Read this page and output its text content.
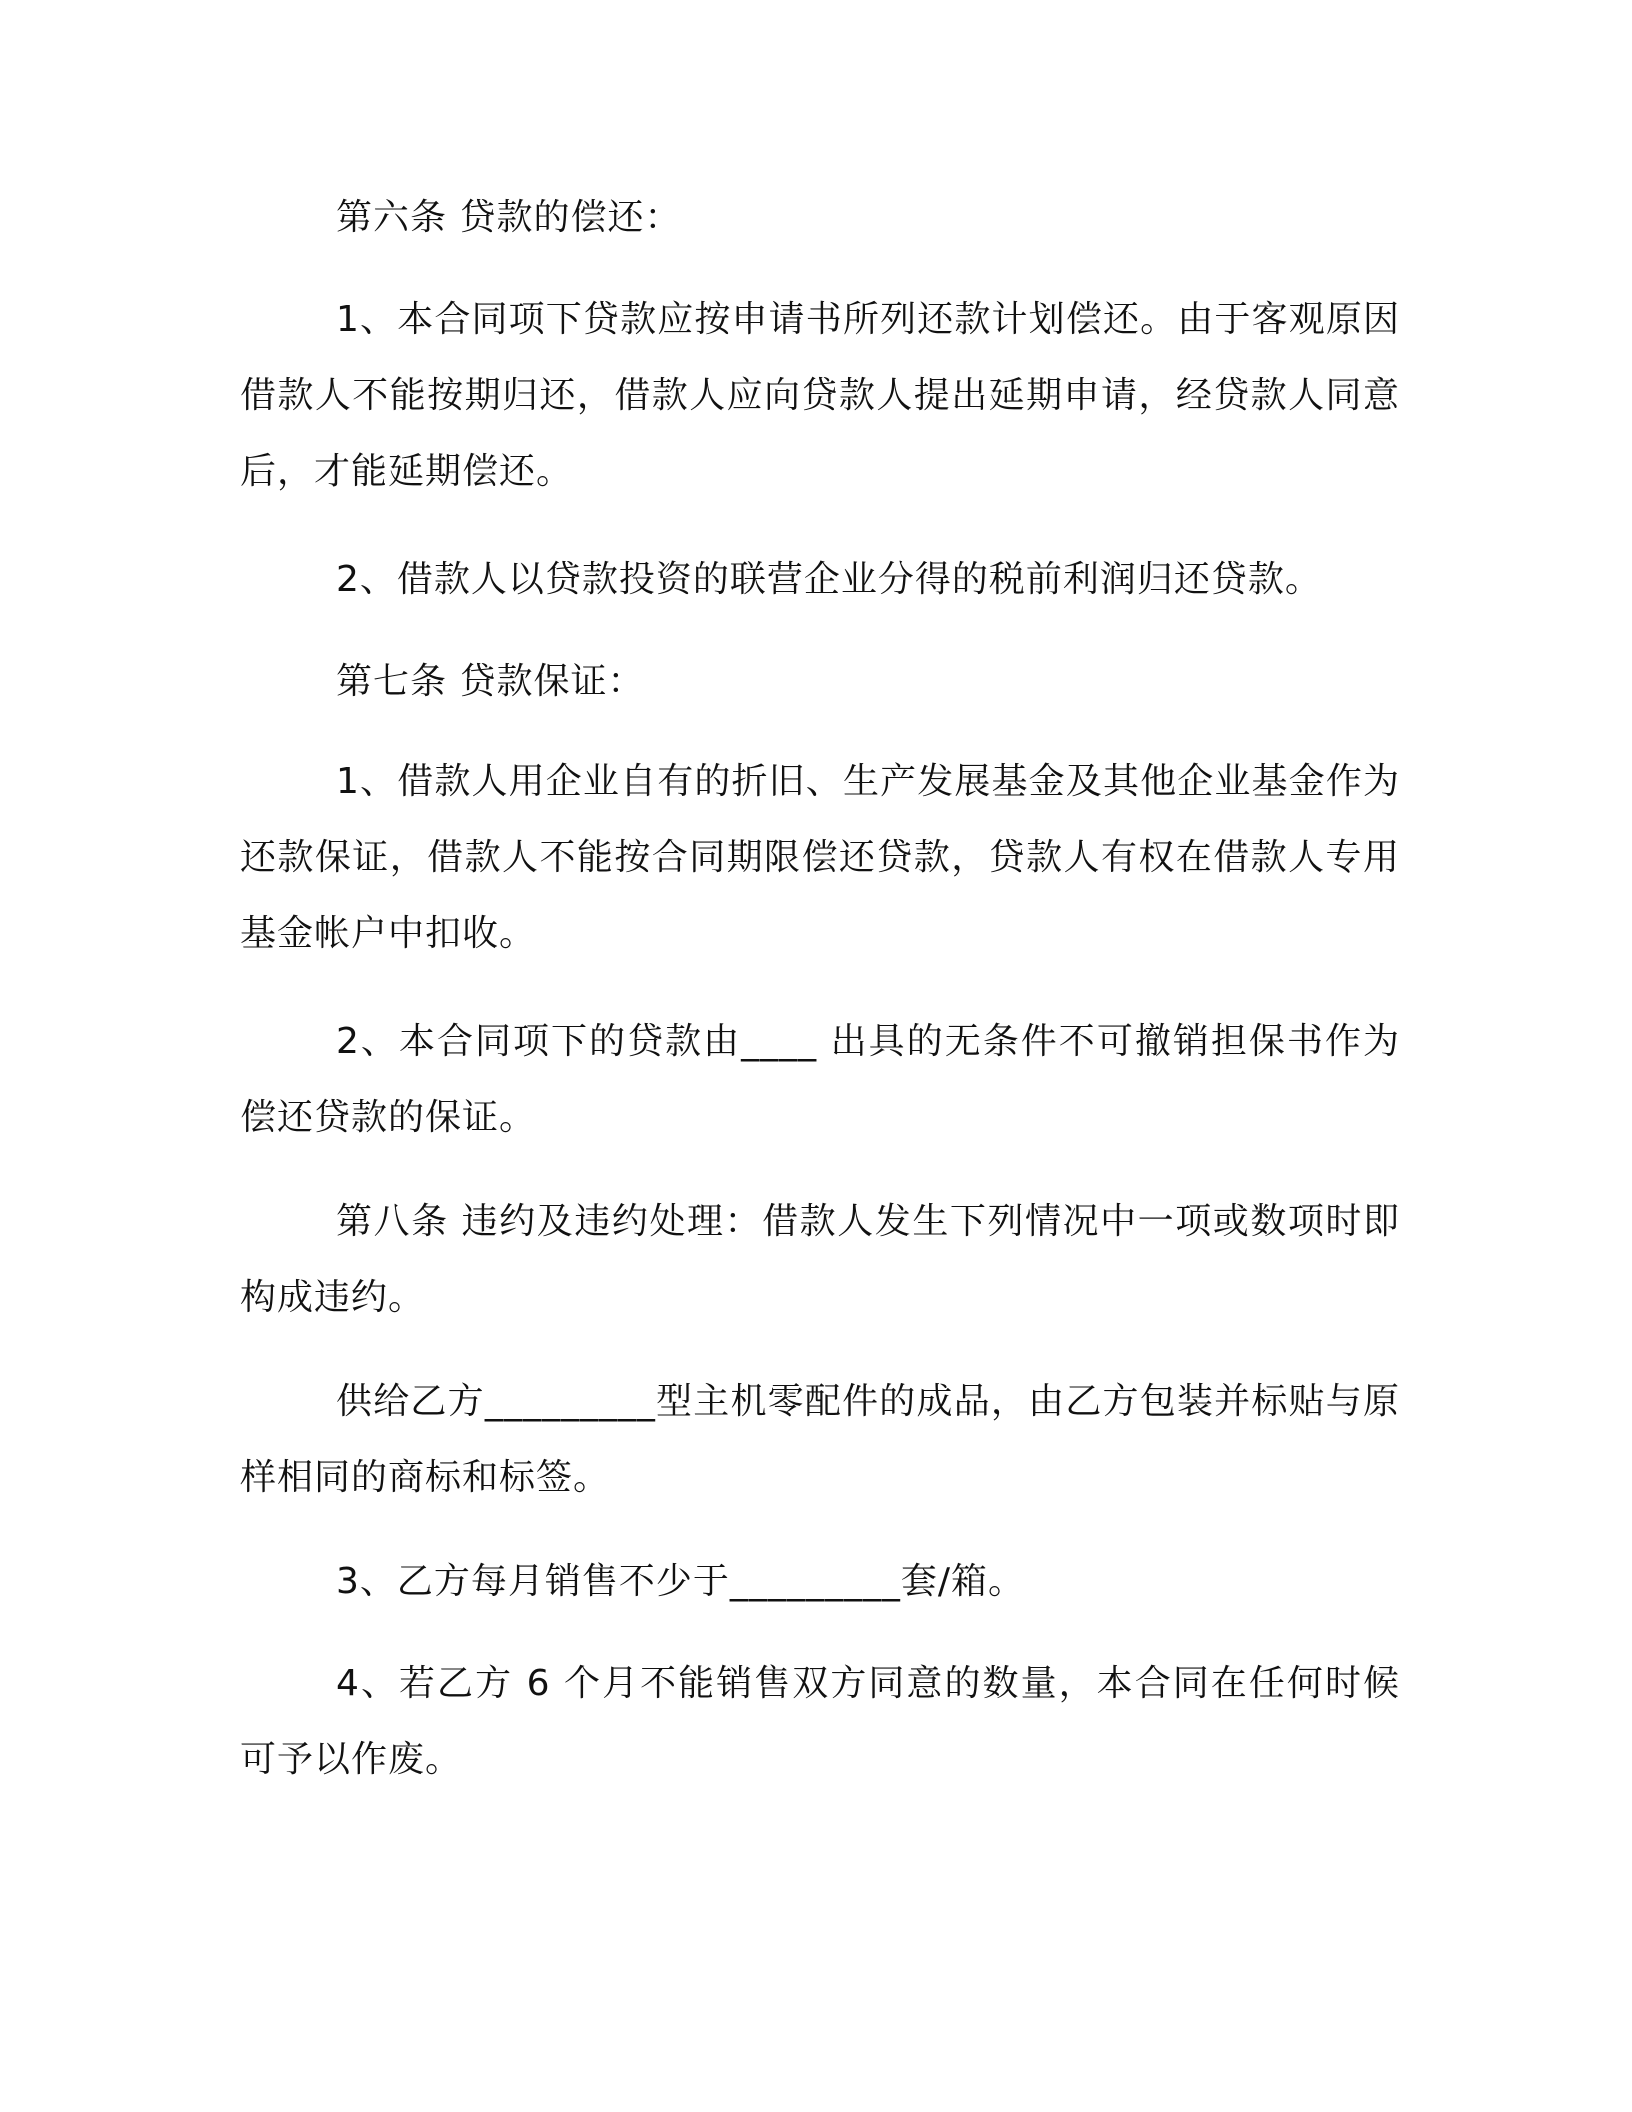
第六条 贷款的偿还：

1、本合同项下贷款应按申请书所列还款计划偿还。由于客观原因借款人不能按期归还，借款人应向贷款人提出延期申请，经贷款人同意后，才能延期偿还。

2、借款人以贷款投资的联营企业分得的税前利润归还贷款。

第七条 贷款保证：

1、借款人用企业自有的折旧、生产发展基金及其他企业基金作为还款保证，借款人不能按合同期限偿还贷款，贷款人有权在借款人专用基金帐户中扣收。

2、本合同项下的贷款由____ 出具的无条件不可撤销担保书作为偿还贷款的保证。

第八条 违约及违约处理：借款人发生下列情况中一项或数项时即构成违约。

供给乙方_________型主机零配件的成品，由乙方包装并标贴与原样相同的商标和标签。

3、乙方每月销售不少于_________套/箱。

4、若乙方 6 个月不能销售双方同意的数量，本合同在任何时候可予以作废。
